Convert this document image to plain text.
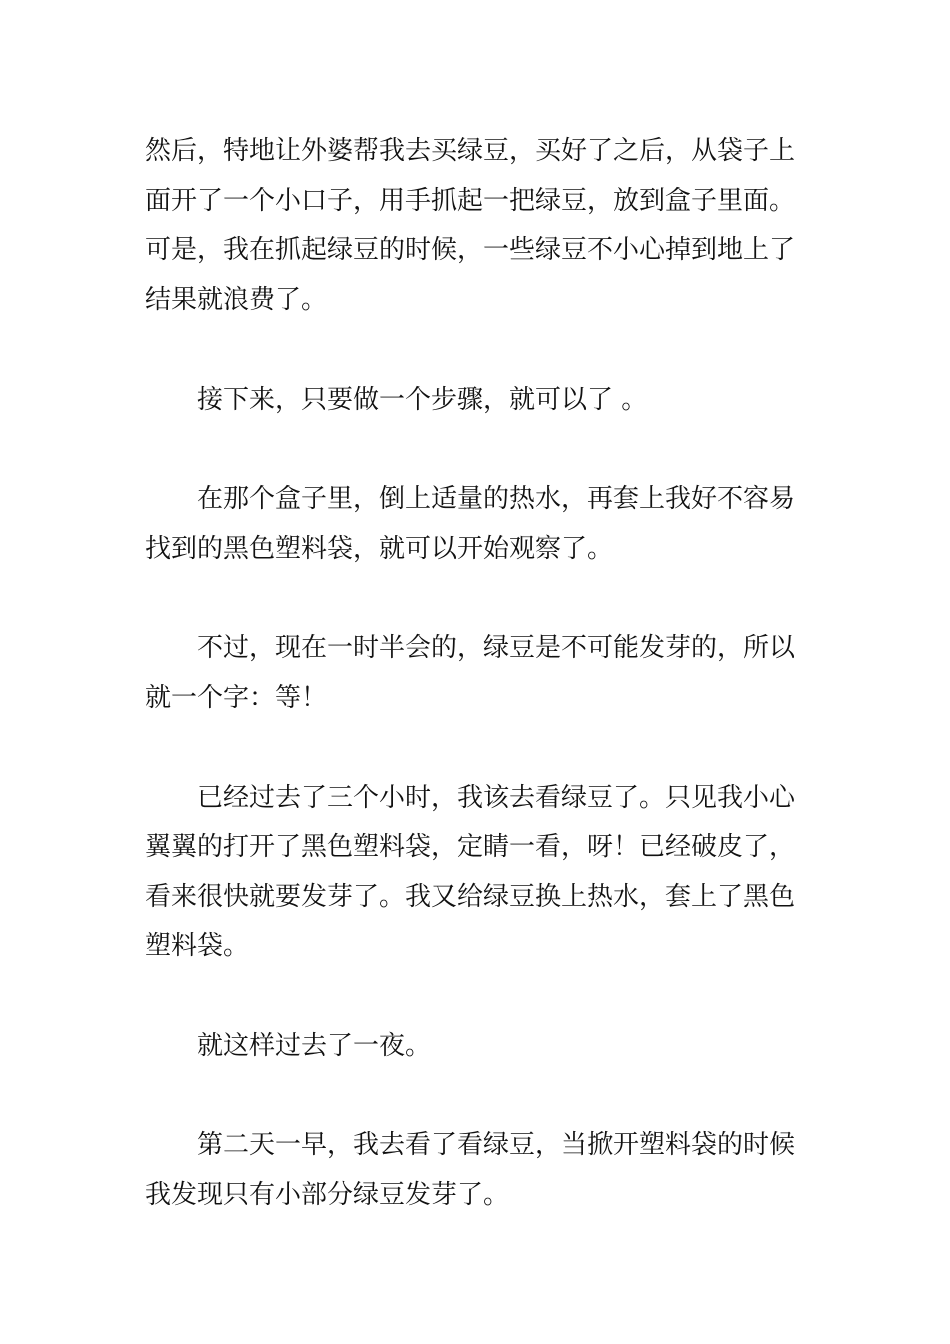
然后，特地让外婆帮我去买绿豆，买好了之后，从袋子上
面开了一个小口子，用手抓起一把绿豆，放到盒子里面。
可是，我在抓起绿豆的时候，一些绿豆不小心掉到地上了
结果就浪费了。
接下来，只要做一个步骤，就可以了 。
在那个盒子里，倒上适量的热水，再套上我好不容易
找到的黑色塑料袋，就可以开始观察了。
不过，现在一时半会的，绿豆是不可能发芽的，所以
就一个字：等！
已经过去了三个小时，我该去看绿豆了。只见我小心
翼翼的打开了黑色塑料袋，定睛一看，呀！已经破皮了，
看来很快就要发芽了。我又给绿豆换上热水，套上了黑色
塑料袋。
就这样过去了一夜。
第二天一早，我去看了看绿豆，当掀开塑料袋的时候
我发现只有小部分绿豆发芽了。
